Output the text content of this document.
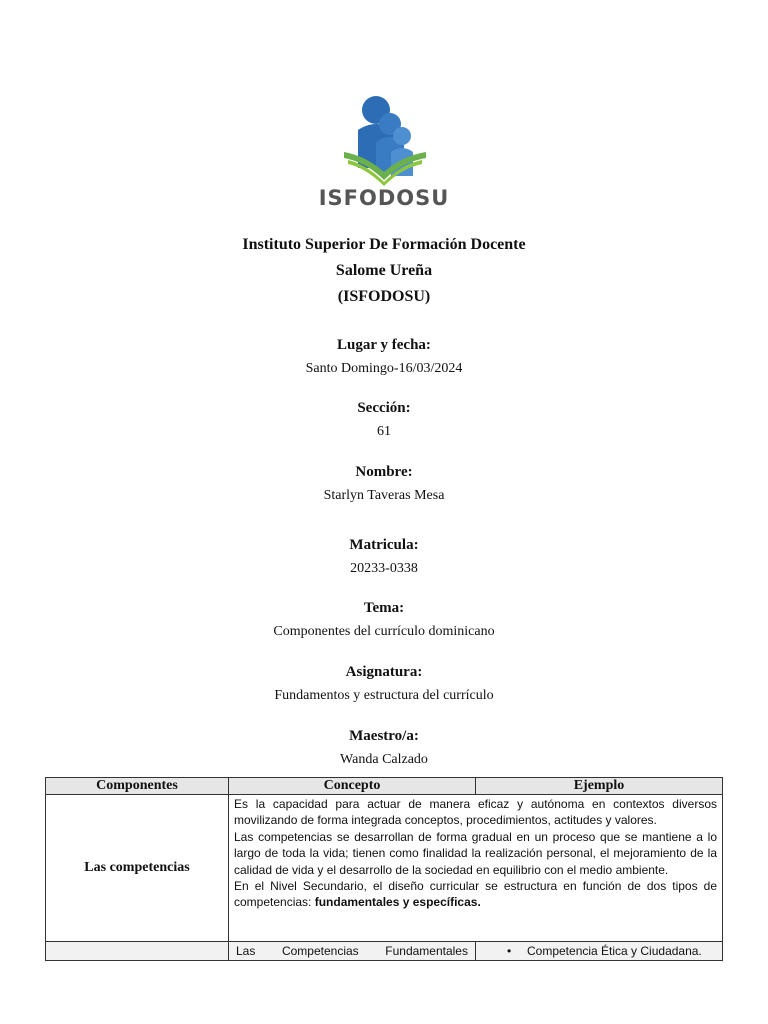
ISFODOSU
Instituto Superior De Formación Docente
Salome Ureña
(ISFODOSU)
Lugar y fecha:
Santo Domingo-16/03/2024
Sección:
61
Nombre:
Starlyn Taveras Mesa
Matricula:
20233-0338
Tema:
Componentes del currículo dominicano
Asignatura:
Fundamentos y estructura del currículo
Maestro/a:
Wanda Calzado
Componentes	Concepto	Ejemplo
Las competencias	Es la capacidad para actuar de manera eficaz y autónoma en contextos diversos movilizando de forma integrada conceptos, procedimientos, actitudes y valores.

Las competencias se desarrollan de forma gradual en un proceso que se mantiene a lo largo de toda la vida; tienen como finalidad la realización personal, el mejoramiento de la calidad de vida y el desarrollo de la sociedad en equilibrio con el medio ambiente.

En el Nivel Secundario, el diseño curricular se estructura en función de dos tipos de competencias: fundamentales y específicas.	

	Las Competencias Fundamentales	• Competencia Ética y Ciudadana.
